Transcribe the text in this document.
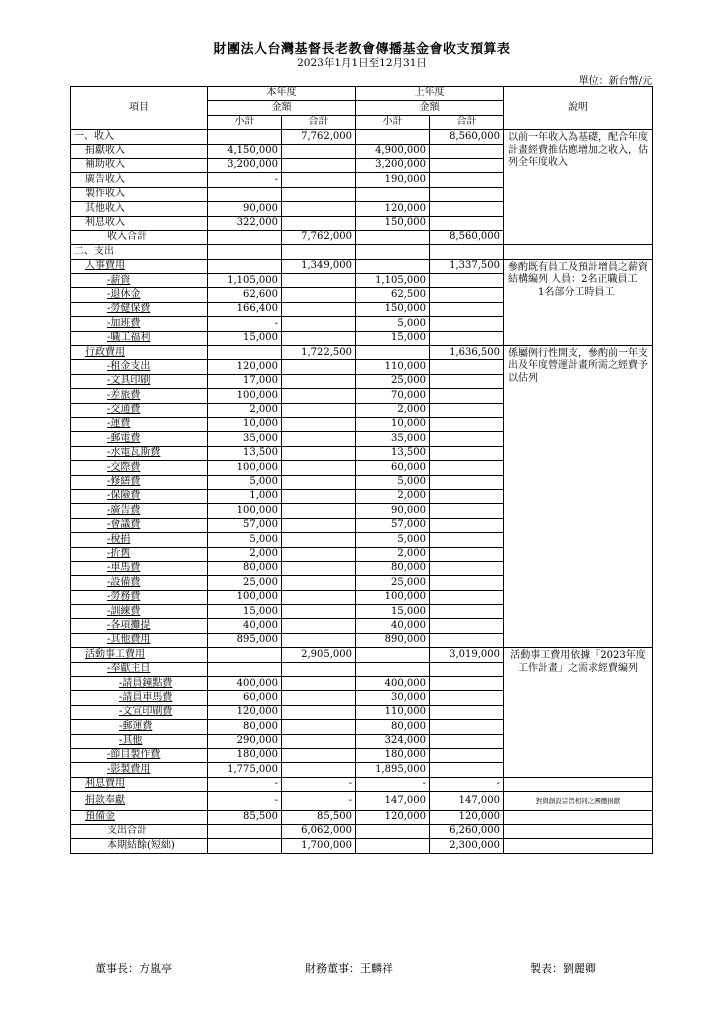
財團法人台灣基督長老教會傳播基金會收支預算表
2023年1月1日至12月31日
單位：新台幣/元
項目	本年度		上年度		說明
	金額		金額		
	小計	合計	小計	合計	
一、收入		7,762,000		8,560,000	以前一年收入為基礎，配合年度計畫經費推估應增加之收入，估列全年度收入
捐獻收入	4,150,000		4,900,000		
補助收入	3,200,000		3,200,000		
廣告收入	-		190,000		
製作收入					
其他收入	90,000		120,000		
利息收入	322,000		150,000		
收入合計		7,762,000		8,560,000	
二、支出					
人事費用		1,349,000		1,337,500	參酌既有員工及預計增員之薪資結構編列 人員：2名正職員工 　　　1名部分工時員工
-薪資	1,105,000		1,105,000		
-退休金	62,600		62,500		
-勞健保費	166,400		150,000		
-加班費	-		5,000		
-職工福利	15,000		15,000		
行政費用		1,722,500		1,636,500	係屬例行性開支，參酌前一年支出及年度營運計畫所需之經費予以估列
-租金支出	120,000		110,000		
-文具印刷	17,000		25,000		
-差旅費	100,000		70,000		
-交通費	2,000		2,000		
-運費	10,000		10,000		
-郵電費	35,000		35,000		
-水電瓦斯費	13,500		13,500		
-交際費	100,000		60,000		
-修繕費	5,000		5,000		
-保險費	1,000		2,000		
-廣告費	100,000		90,000		
-會議費	57,000		57,000		
-稅捐	5,000		5,000		
-折舊	2,000		2,000		
-車馬費	80,000		80,000		
-設備費	25,000		25,000		
-勞務費	100,000		100,000		
-訓練費	15,000		15,000		
-各項攤提	40,000		40,000		
-其他費用	895,000		890,000		
活動事工費用		2,905,000		3,019,000	活動事工費用依據「2023年度工作計畫」之需求經費編列
-奉獻主日					
-請員鐘點費	400,000		400,000		
-請員車馬費	60,000		30,000		
-文宣印刷費	120,000		110,000		
-郵運費	80,000		80,000		
-其他	290,000		324,000		
-節目製作費	180,000		180,000		
-影製費用	1,775,000		1,895,000		
利息費用	-	-	-	-	
捐款奉獻	-	-	147,000	147,000	對與創設宗旨相同之團體捐獻
預備金	85,500	85,500	120,000	120,000	
支出合計		6,062,000		6,260,000	
本期結餘(短絀)		1,700,000		2,300,000	
董事長：方嵐亭	財務董事：王麟祥	製表：劉麗卿
